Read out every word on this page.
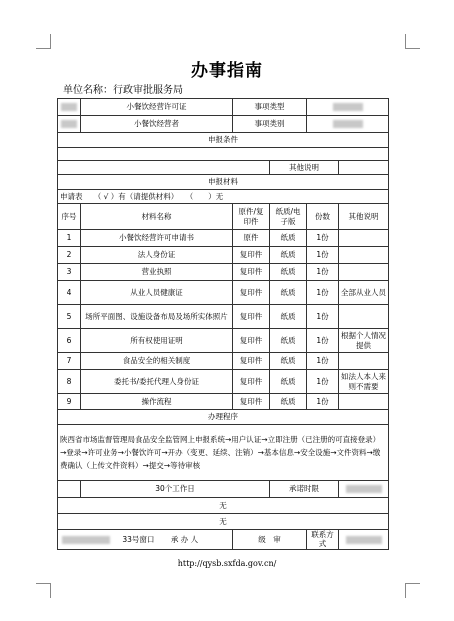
办事指南
单位名称：行政审批服务局
	小餐饮经营许可证	事项类型			
	小餐饮经营者	事项类别			
申报条件					

			其他说明		
申报材料					
申请表　　（ √ ）有（请提供材料）　　（　　）无					
序号	材料名称	原件/复印件	纸质/电子版	份数	其他说明
1	小餐饮经营许可申请书	原件	纸质	1份	
2	法人身份证	复印件	纸质	1份	
3	营业执照	复印件	纸质	1份	
4	从业人员健康证	复印件	纸质	1份	全部从业人员
5	场所平面图、设施设备布局及场所实体照片	复印件	纸质	1份	
6	所有权使用证明	复印件	纸质	1份	根据个人情况提供
7	食品安全的相关制度	复印件	纸质	1份	
8	委托书/委托代理人身份证	复印件	纸质	1份	如法人本人来则不需要
9	操作流程	复印件	纸质	1份	
办理程序					
陕西省市场监督管理局食品安全监管网上申报系统→用户认证→立即注册（已注册的可直接登录）→登录→许可业务→小餐饮许可→开办（变更、延续、注销）→基本信息→安全设施→文件资料→缴费确认（上传文件资料）→提交→等待审核					
	30个工作日		承诺时限		
无					
无					
33号窗口 承 办 人		级　审		联系方式	
http://qysb.sxfda.gov.cn/
